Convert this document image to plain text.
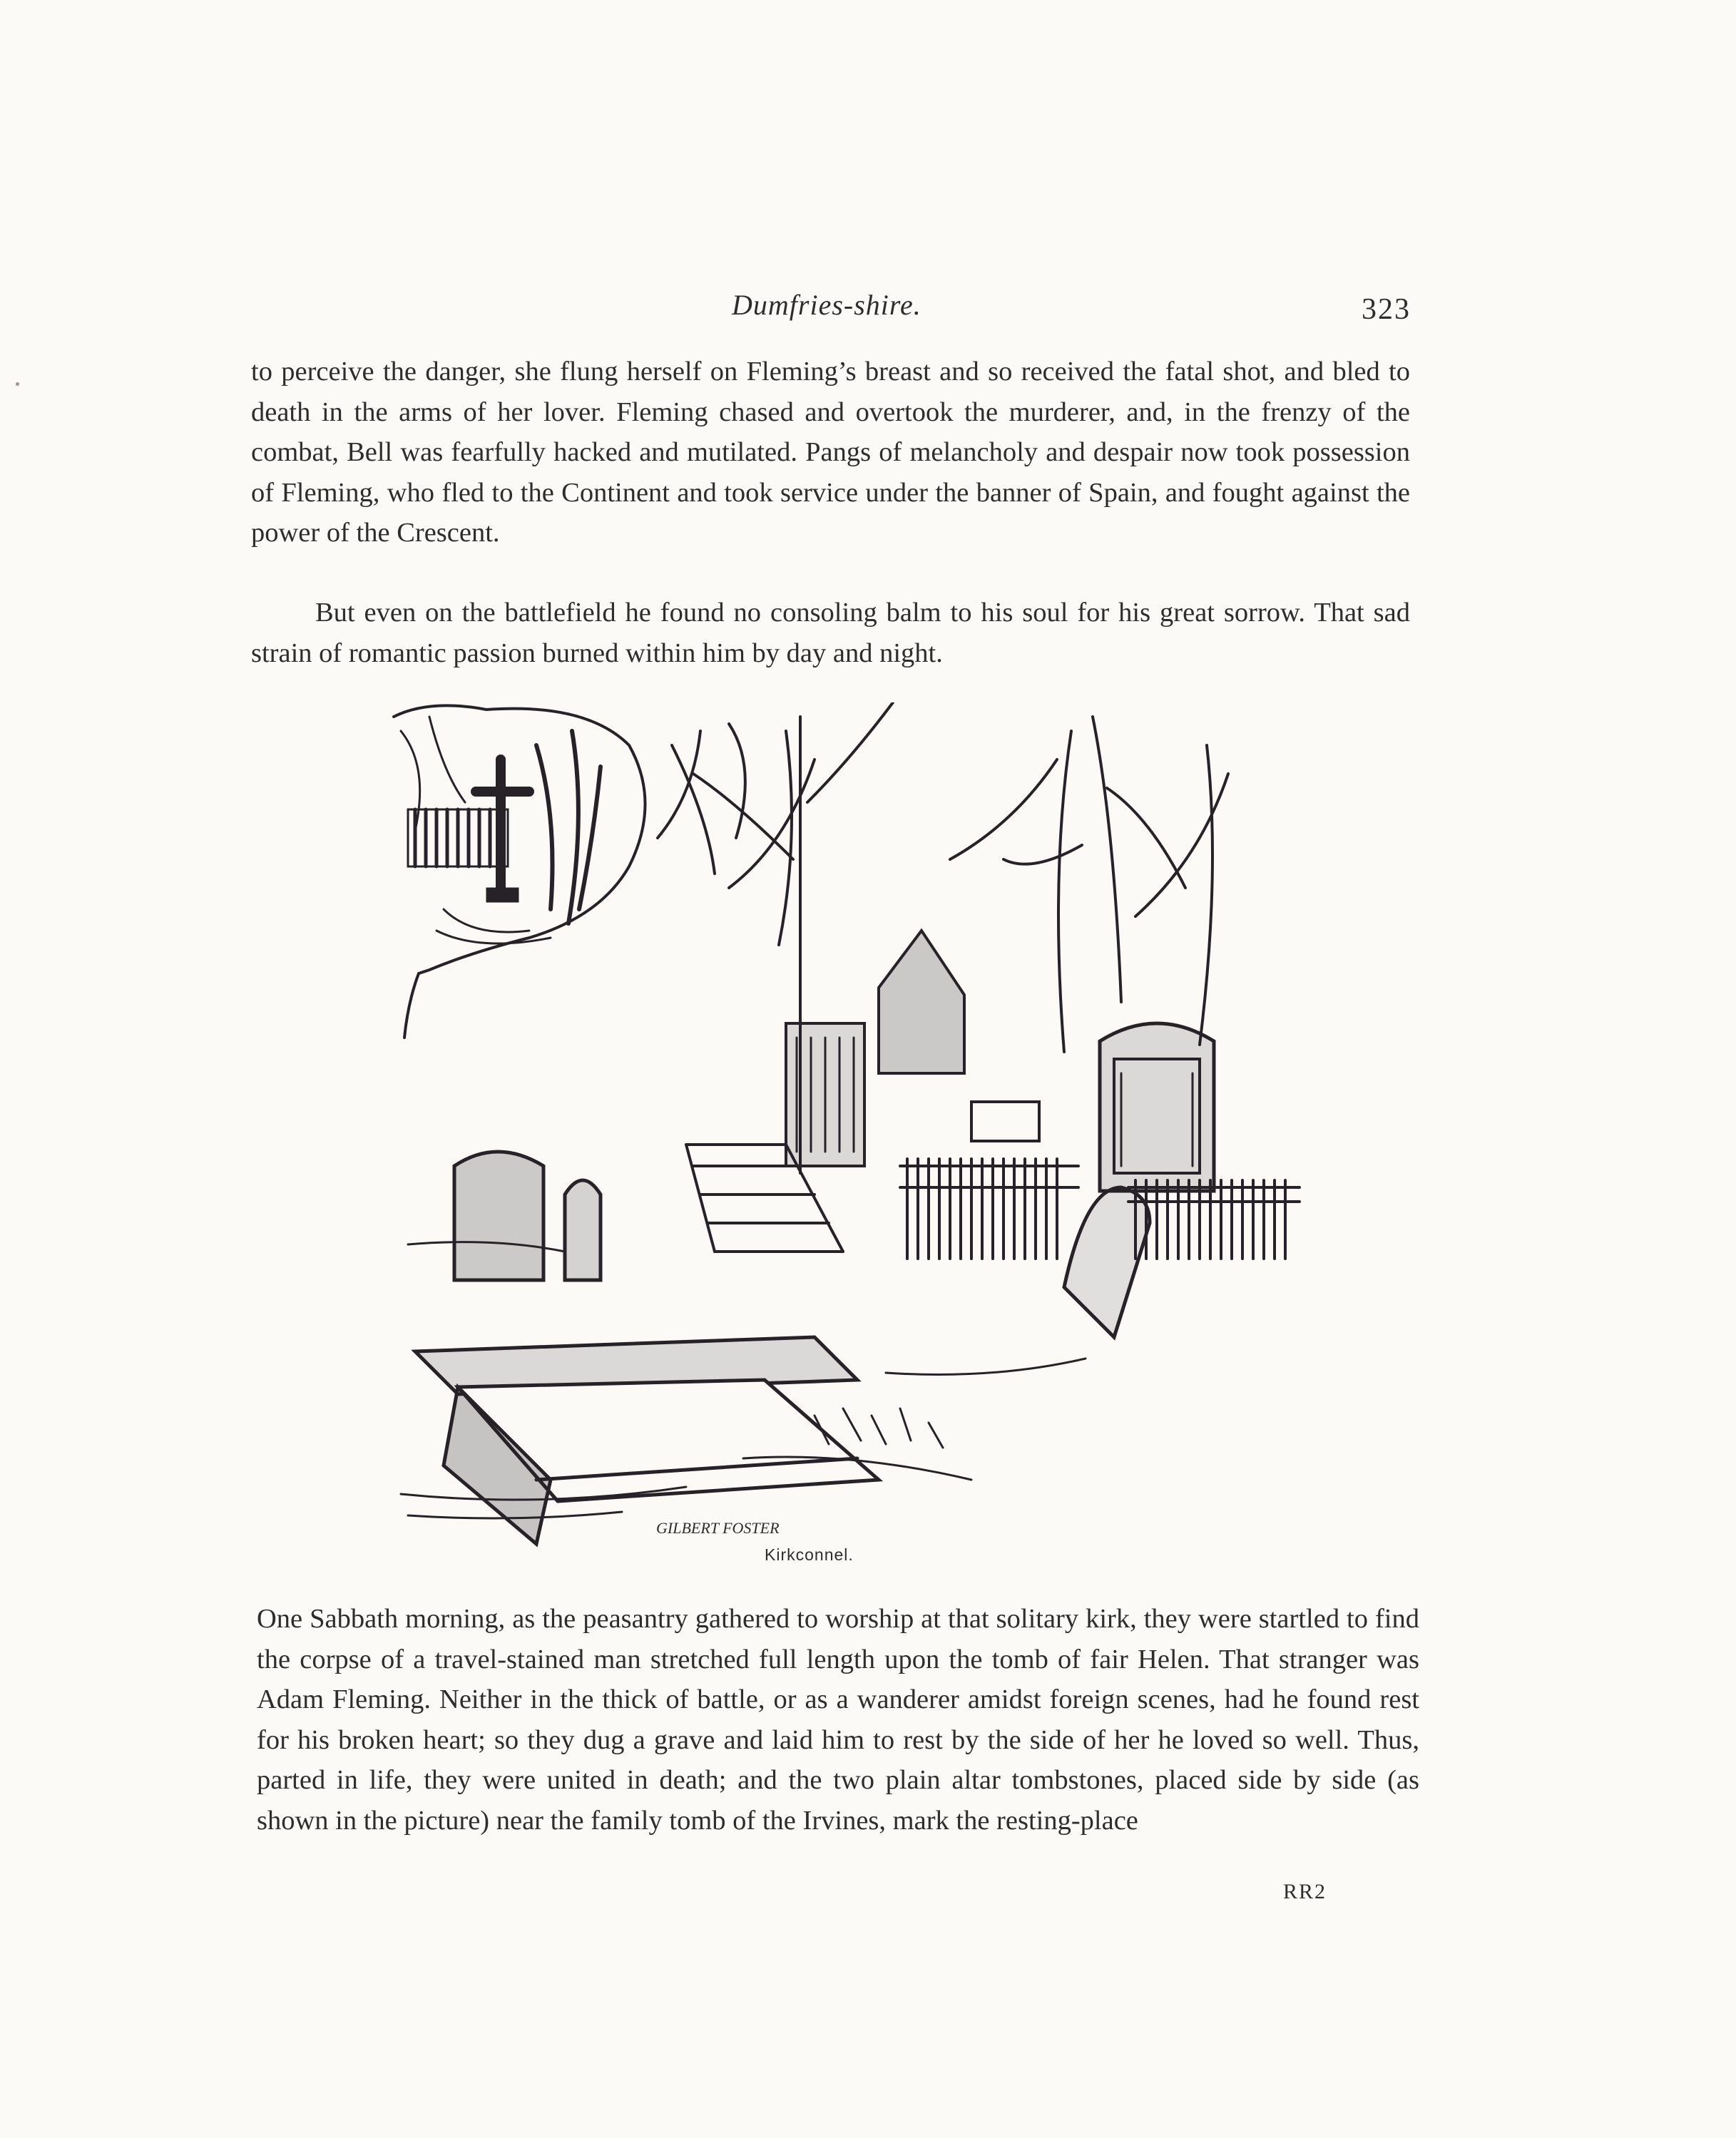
Dumfries-shire.	323

to perceive the danger, she flung herself on Fleming’s breast and so received the fatal shot, and bled to death in the arms of her lover. Fleming chased and overtook the murderer, and, in the frenzy of the combat, Bell was fearfully hacked and mutilated. Pangs of melancholy and despair now took possession of Fleming, who fled to the Continent and took service under the banner of Spain, and fought against the power of the Crescent.

But even on the battlefield he found no consoling balm to his soul for his great sorrow. That sad strain of romantic passion burned within him by day and night.

GILBERT FOSTER
Kirkconnel.

One Sabbath morning, as the peasantry gathered to worship at that solitary kirk, they were startled to find the corpse of a travel-stained man stretched full length upon the tomb of fair Helen. That stranger was Adam Fleming. Neither in the thick of battle, or as a wanderer amidst foreign scenes, had he found rest for his broken heart; so they dug a grave and laid him to rest by the side of her he loved so well. Thus, parted in life, they were united in death; and the two plain altar tombstones, placed side by side (as shown in the picture) near the family tomb of the Irvines, mark the resting-place

RR2
